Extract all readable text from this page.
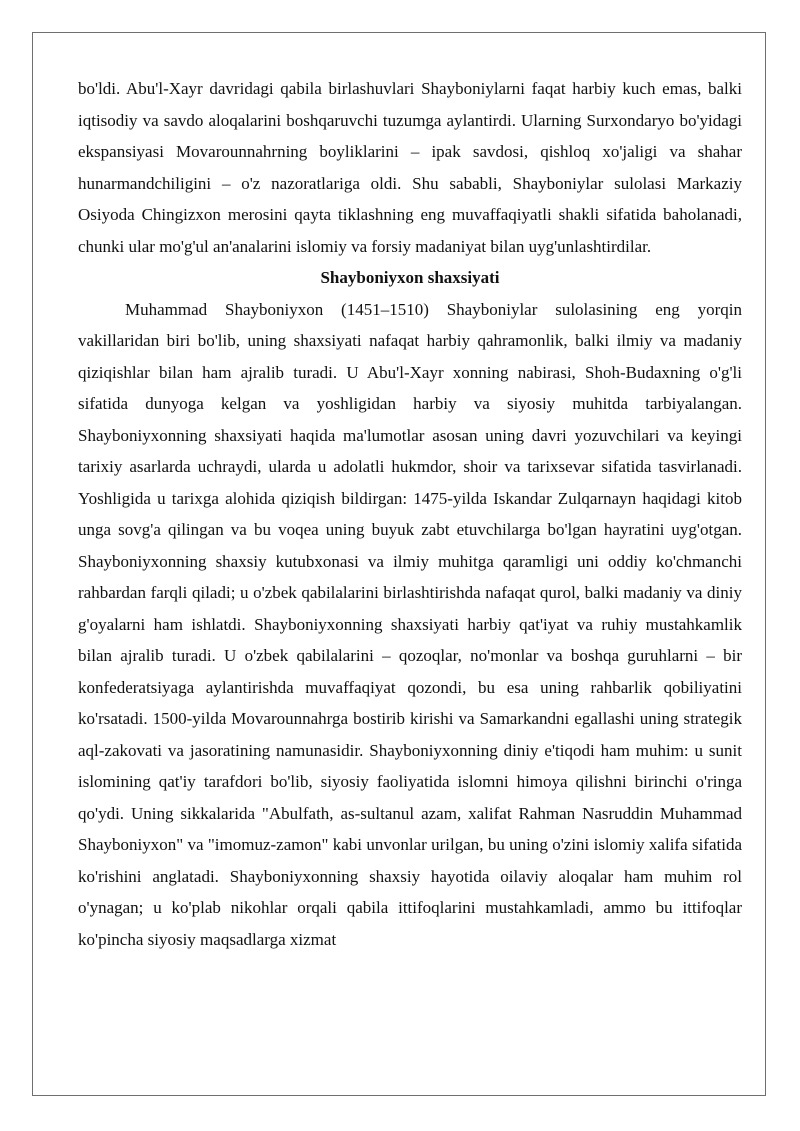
bo'ldi. Abu'l-Xayr davridagi qabila birlashuvlari Shayboniylarni faqat harbiy kuch emas, balki iqtisodiy va savdo aloqalarini boshqaruvchi tuzumga aylantirdi. Ularning Surxondaryo bo'yidagi ekspansiyasi Movarounnahrning boyliklarini – ipak savdosi, qishloq xo'jaligi va shahar hunarmandchiligini – o'z nazoratlariga oldi. Shu sababli, Shayboniylar sulolasi Markaziy Osiyoda Chingizxon merosini qayta tiklashning eng muvaffaqiyatli shakli sifatida baholanadi, chunki ular mo'g'ul an'analarini islomiy va forsiy madaniyat bilan uyg'unlashtirdilar.

Shayboniyxon shaxsiyati

Muhammad Shayboniyxon (1451–1510) Shayboniylar sulolasining eng yorqin vakillaridan biri bo'lib, uning shaxsiyati nafaqat harbiy qahramonlik, balki ilmiy va madaniy qiziqishlar bilan ham ajralib turadi. U Abu'l-Xayr xonning nabirasi, Shoh-Budaxning o'g'li sifatida dunyoga kelgan va yoshligidan harbiy va siyosiy muhitda tarbiyalangan. Shayboniyxonning shaxsiyati haqida ma'lumotlar asosan uning davri yozuvchilari va keyingi tarixiy asarlarda uchraydi, ularda u adolatli hukmdor, shoir va tarixsevar sifatida tasvirlanadi. Yoshligida u tarixga alohida qiziqish bildirgan: 1475-yilda Iskandar Zulqarnayn haqidagi kitob unga sovg'a qilingan va bu voqea uning buyuk zabt etuvchilarga bo'lgan hayratini uyg'otgan. Shayboniyxonning shaxsiy kutubxonasi va ilmiy muhitga qaramligi uni oddiy ko'chmanchi rahbardan farqli qiladi; u o'zbek qabilalarini birlashtirishda nafaqat qurol, balki madaniy va diniy g'oyalarni ham ishlatdi. Shayboniyxonning shaxsiyati harbiy qat'iyat va ruhiy mustahkamlik bilan ajralib turadi. U o'zbek qabilalarini – qozoqlar, no'monlar va boshqa guruhlarni – bir konfederatsiyaga aylantirishda muvaffaqiyat qozondi, bu esa uning rahbarlik qobiliyatini ko'rsatadi. 1500-yilda Movarounnahrga bostirib kirishi va Samarkandni egallashi uning strategik aql-zakovati va jasoratining namunasidir. Shayboniyxonning diniy e'tiqodi ham muhim: u sunit islomining qat'iy tarafdori bo'lib, siyosiy faoliyatida islomni himoya qilishni birinchi o'ringa qo'ydi. Uning sikkalarida "Abulfath, as-sultanul azam, xalifat Rahman Nasruddin Muhammad Shayboniyxon" va "imomuz-zamon" kabi unvonlar urilgan, bu uning o'zini islomiy xalifa sifatida ko'rishini anglatadi. Shayboniyxonning shaxsiy hayotida oilaviy aloqalar ham muhim rol o'ynagan; u ko'plab nikohlar orqali qabila ittifoqlarini mustahkamladi, ammo bu ittifoqlar ko'pincha siyosiy maqsadlarga xizmat
